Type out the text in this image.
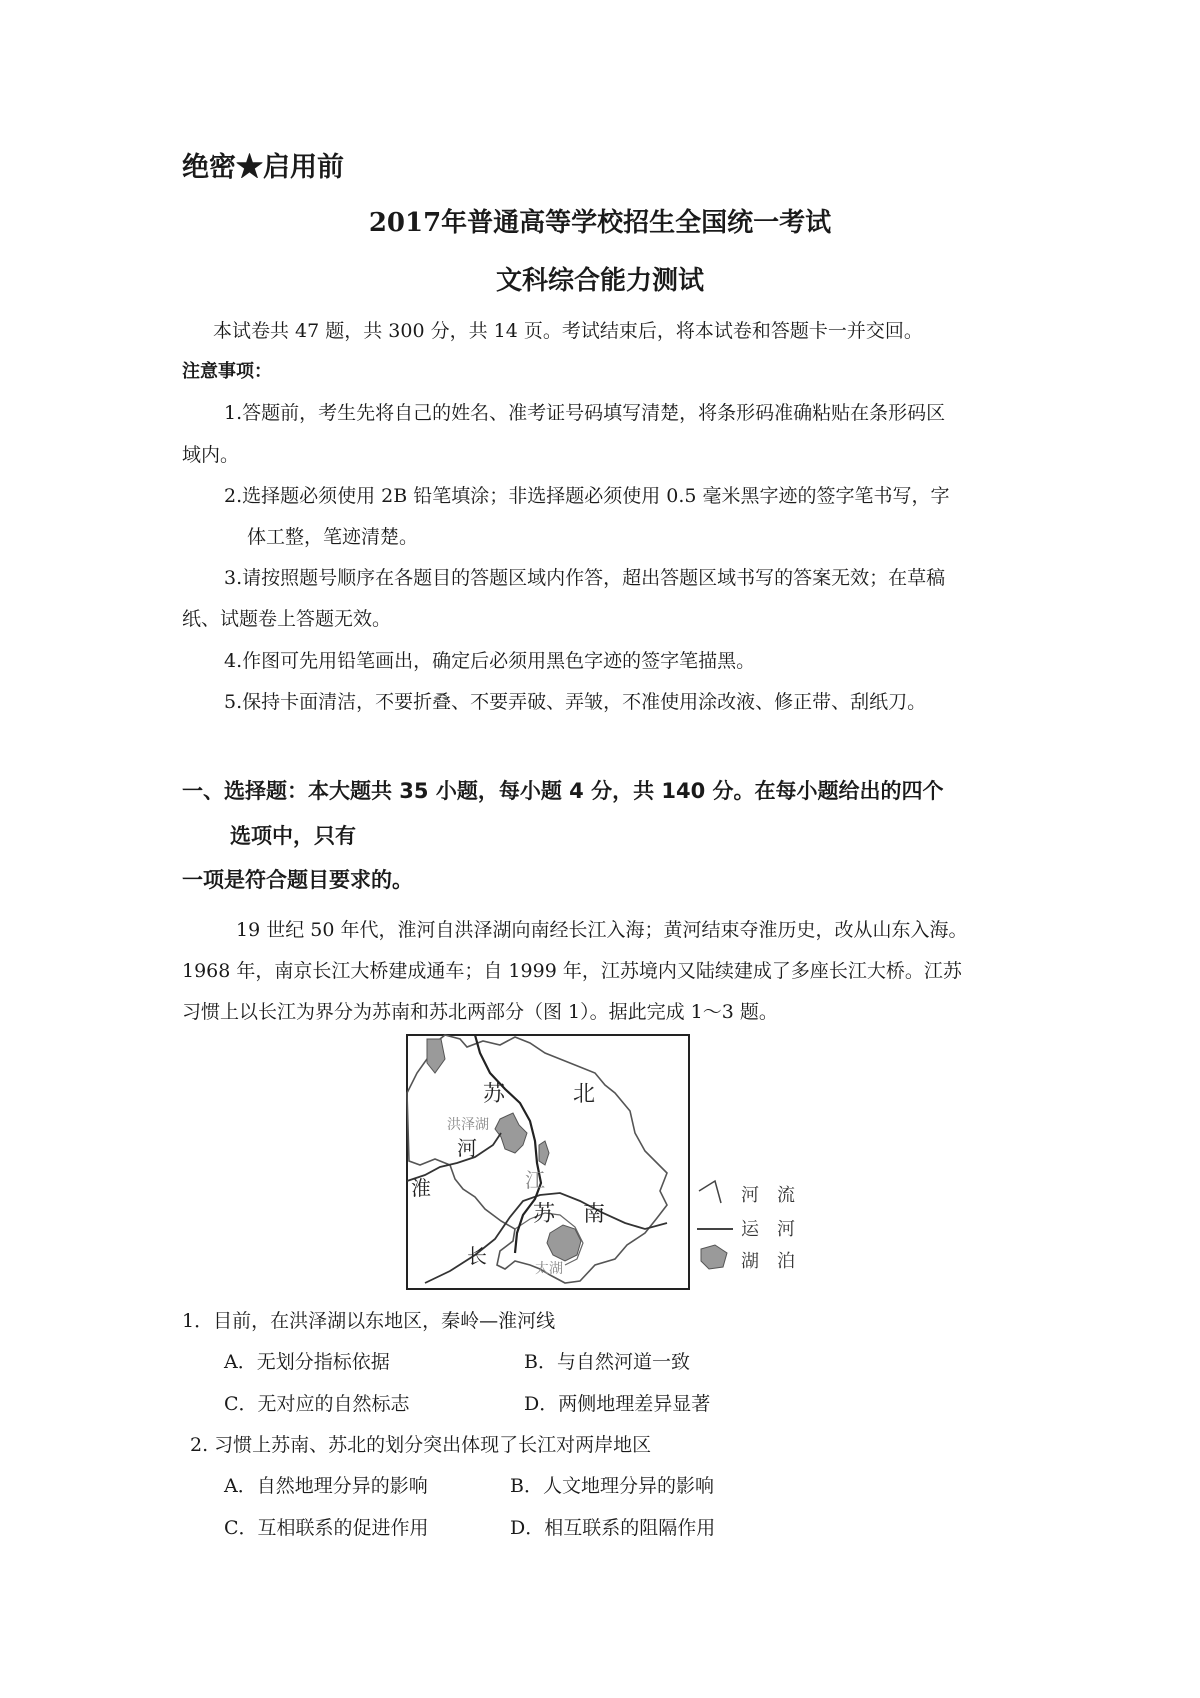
绝密★启用前
2017年普通高等学校招生全国统一考试
文科综合能力测试
本试卷共 47 题，共 300 分，共 14 页。考试结束后，将本试卷和答题卡一并交回。
注意事项：
1.答题前，考生先将自己的姓名、准考证号码填写清楚，将条形码准确粘贴在条形码区
域内。
2.选择题必须使用 2B 铅笔填涂；非选择题必须使用 0.5 毫米黑字迹的签字笔书写，字
体工整，笔迹清楚。
3.请按照题号顺序在各题目的答题区域内作答，超出答题区域书写的答案无效；在草稿
纸、试题卷上答题无效。
4.作图可先用铅笔画出，确定后必须用黑色字迹的签字笔描黑。
5.保持卡面清洁，不要折叠、不要弄破、弄皱，不准使用涂改液、修正带、刮纸刀。
一、选择题：本大题共 35 小题，每小题 4 分，共 140 分。在每小题给出的四个
选项中，只有
一项是符合题目要求的。
19 世纪 50 年代，淮河自洪泽湖向南经长江入海；黄河结束夺淮历史，改从山东入海。
1968 年，南京长江大桥建成通车；自 1999 年，江苏境内又陆续建成了多座长江大桥。江苏
习惯上以长江为界分为苏南和苏北两部分（图 1）。据此完成 1～3 题。
苏	北
洪泽湖
河
淮	江
苏 南
长
太湖
河　流
运　河
湖　泊
1．目前，在洪泽湖以东地区，秦岭—淮河线
A．无划分指标依据	B．与自然河道一致
C．无对应的自然标志	D．两侧地理差异显著
2. 习惯上苏南、苏北的划分突出体现了长江对两岸地区
A．自然地理分异的影响	B．人文地理分异的影响
C．互相联系的促进作用	D．相互联系的阻隔作用
